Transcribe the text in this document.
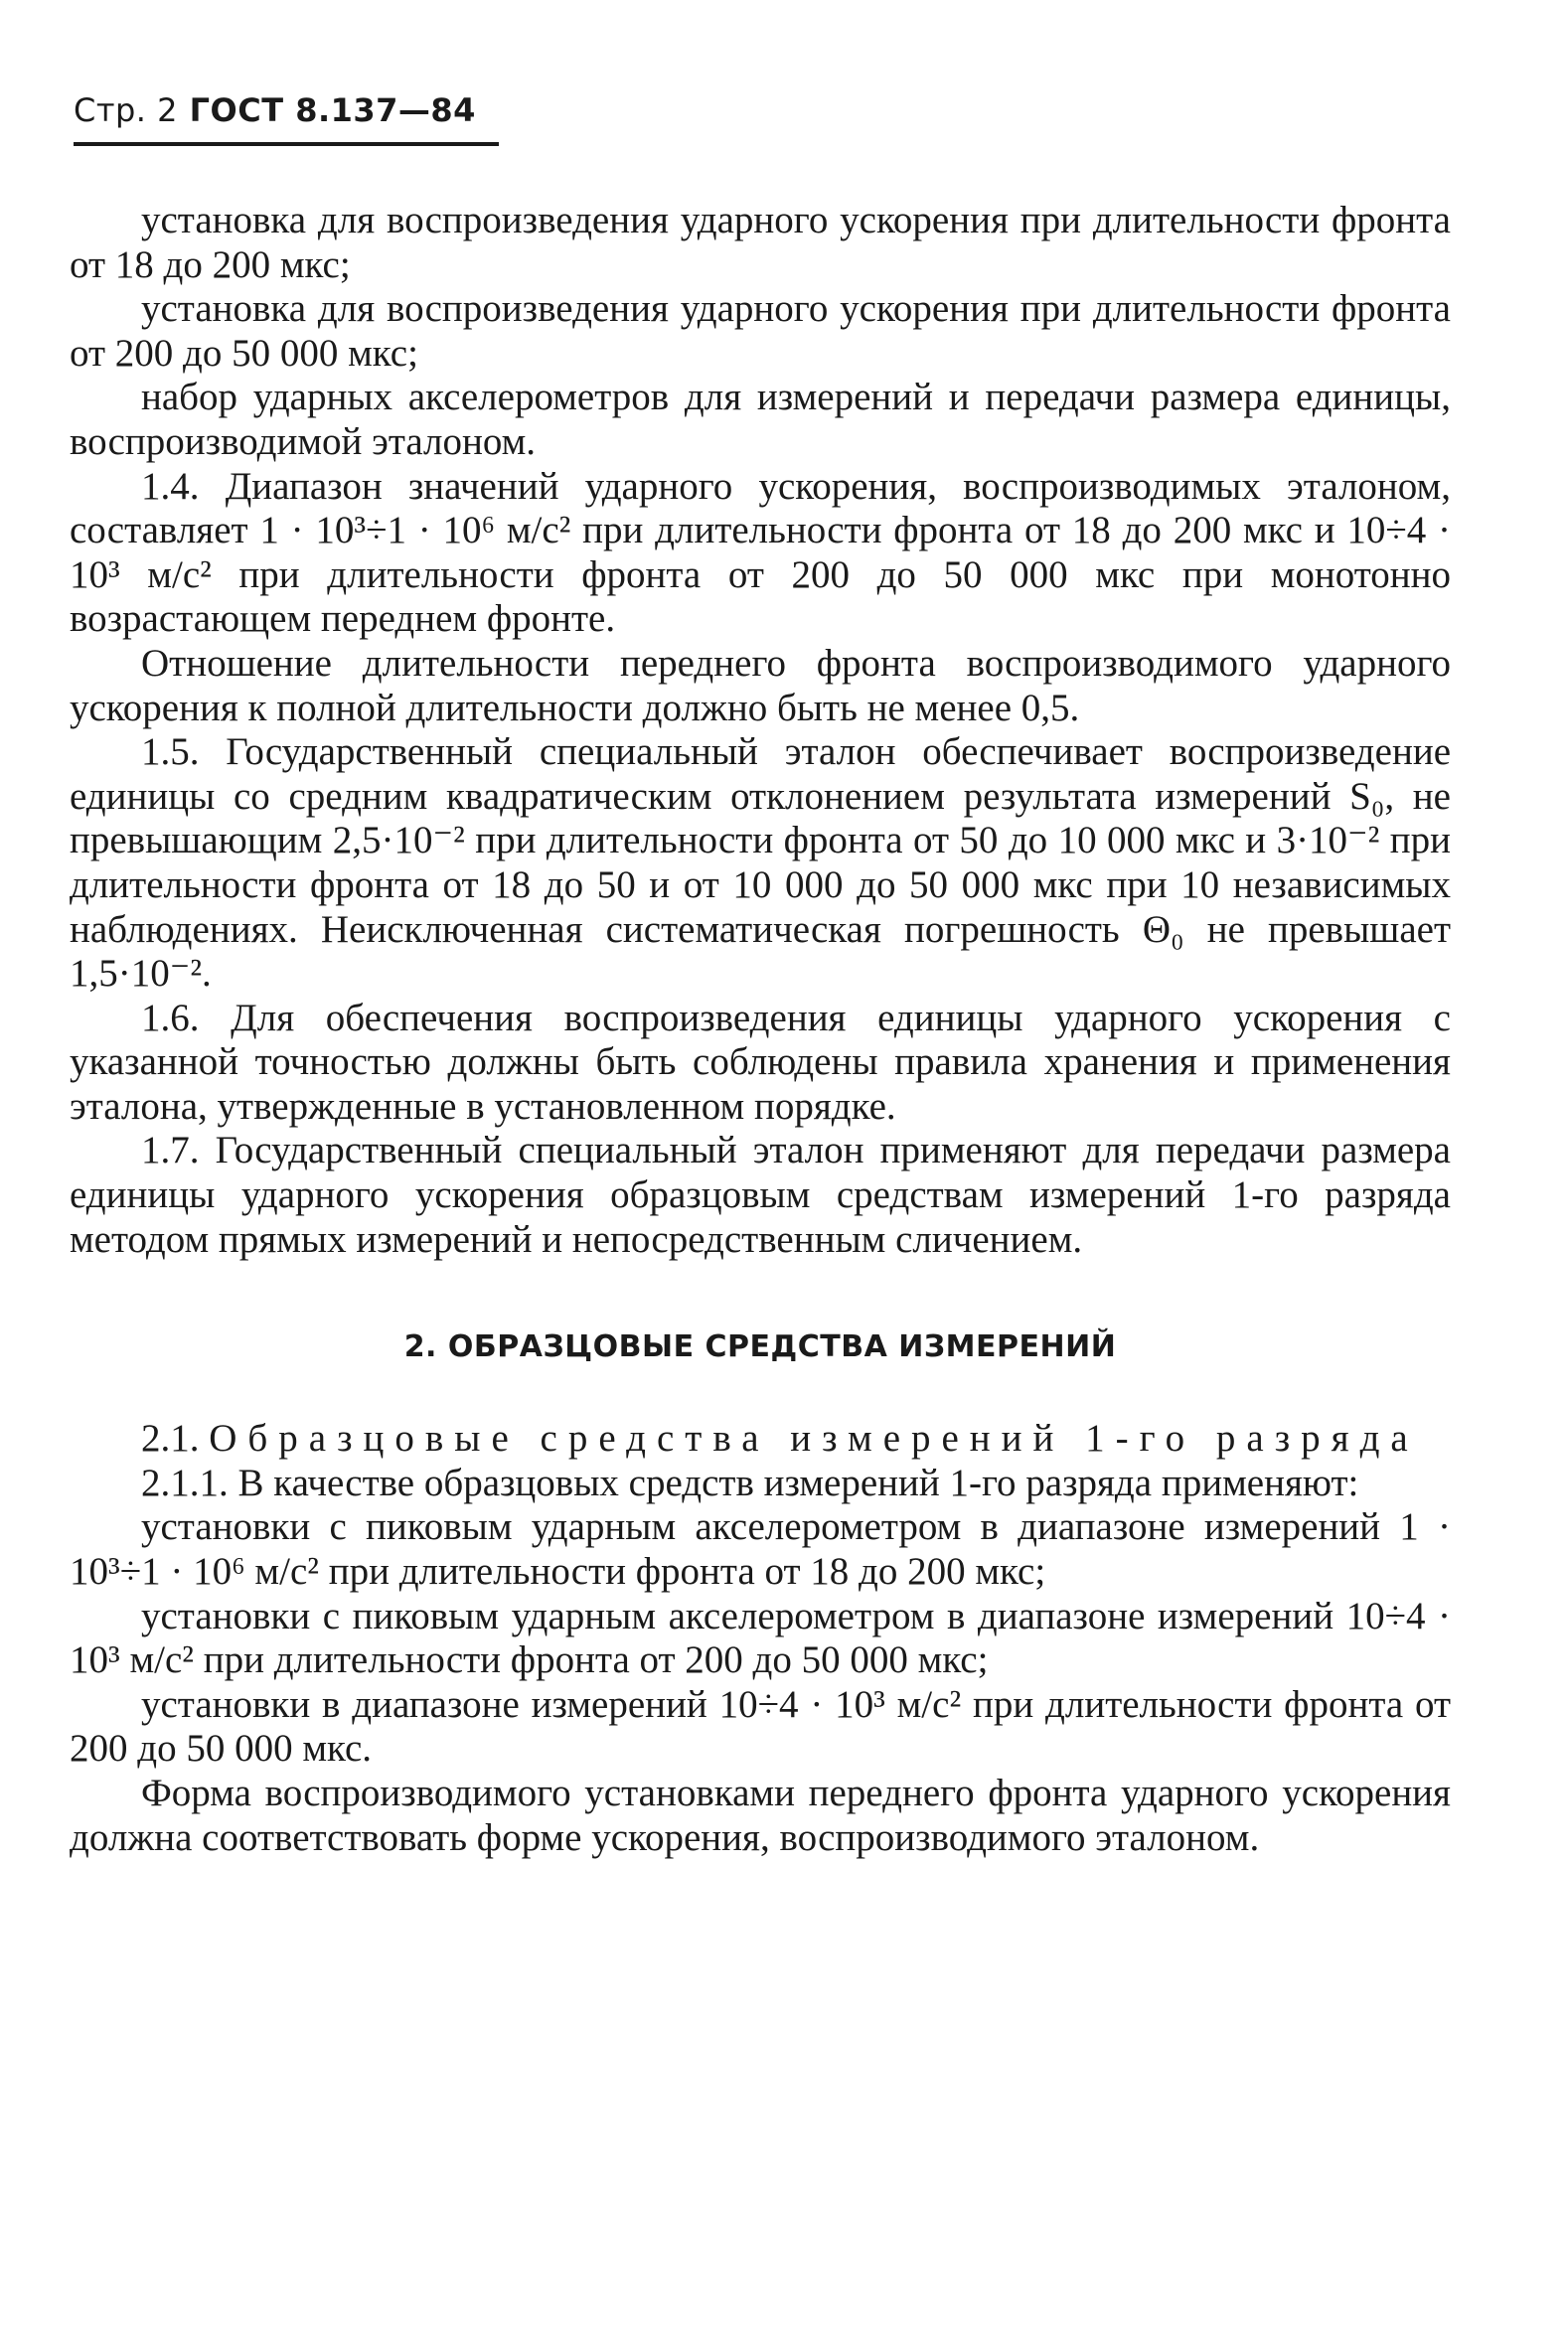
Стр. 2 ГОСТ 8.137—84

установка для воспроизведения ударного ускорения при длительности фронта от 18 до 200 мкс;

установка для воспроизведения ударного ускорения при длительности фронта от 200 до 50 000 мкс;

набор ударных акселерометров для измерений и передачи размера единицы, воспроизводимой эталоном.

1.4. Диапазон значений ударного ускорения, воспроизводимых эталоном, составляет 1 · 10³÷1 · 10⁶ м/с² при длительности фронта от 18 до 200 мкс и 10÷4 · 10³ м/с² при длительности фронта от 200 до 50 000 мкс при монотонно возрастающем переднем фронте.

Отношение длительности переднего фронта воспроизводимого ударного ускорения к полной длительности должно быть не менее 0,5.

1.5. Государственный специальный эталон обеспечивает воспроизведение единицы со средним квадратическим отклонением результата измерений S₀, не превышающим 2,5·10⁻² при длительности фронта от 50 до 10 000 мкс и 3·10⁻² при длительности фронта от 18 до 50 и от 10 000 до 50 000 мкс при 10 независимых наблюдениях. Неисключенная систематическая погрешность Θ₀ не превышает 1,5·10⁻².

1.6. Для обеспечения воспроизведения единицы ударного ускорения с указанной точностью должны быть соблюдены правила хранения и применения эталона, утвержденные в установленном порядке.

1.7. Государственный специальный эталон применяют для передачи размера единицы ударного ускорения образцовым средствам измерений 1-го разряда методом прямых измерений и непосредственным сличением.

2. ОБРАЗЦОВЫЕ СРЕДСТВА ИЗМЕРЕНИЙ

2.1. Образцовые средства измерений 1-го разряда

2.1.1. В качестве образцовых средств измерений 1-го разряда применяют:

установки с пиковым ударным акселерометром в диапазоне измерений 1 · 10³÷1 · 10⁶ м/с² при длительности фронта от 18 до 200 мкс;

установки с пиковым ударным акселерометром в диапазоне измерений 10÷4 · 10³ м/с² при длительности фронта от 200 до 50 000 мкс;

установки в диапазоне измерений 10÷4 · 10³ м/с² при длительности фронта от 200 до 50 000 мкс.

Форма воспроизводимого установками переднего фронта ударного ускорения должна соответствовать форме ускорения, воспроизводимого эталоном.
